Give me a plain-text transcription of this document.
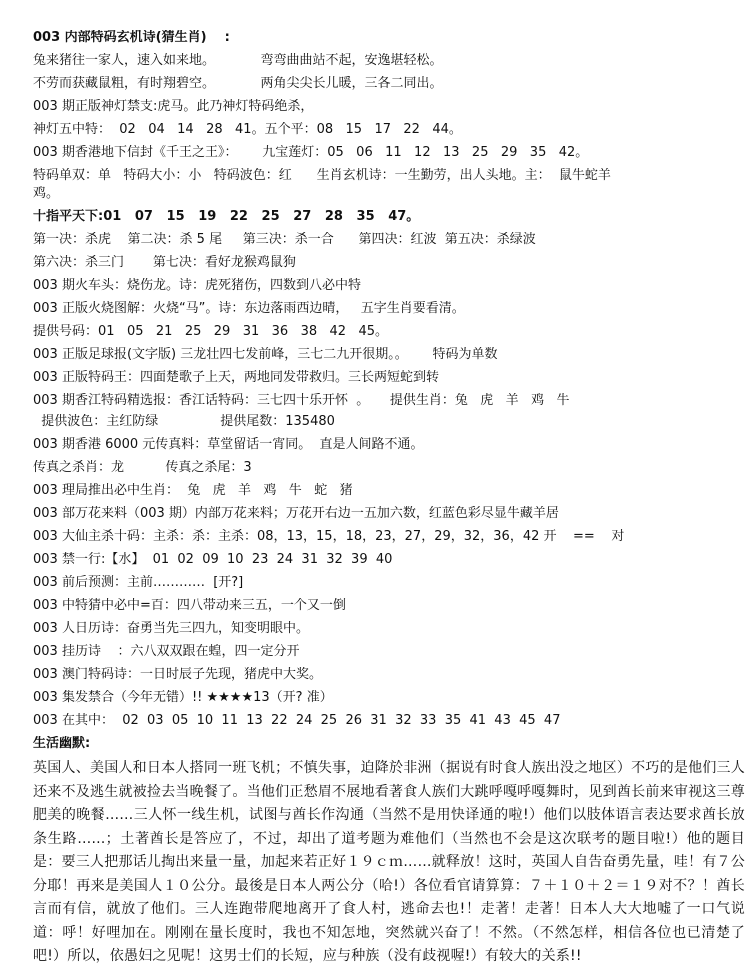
003 内部特码玄机诗(猜生肖)    :
兔来猪往一家人，速入如来地。           弯弯曲曲站不起，安逸堪轻松。
不劳而获藏鼠粗，有时翔碧空。           两角尖尖长儿暖，三各二同出。
003 期正版神灯禁支:虎马。此乃神灯特码绝杀，
神灯五中特：  02   04   14   28   41。五个平：08   15   17   22   44。
003 期香港地下信封《千王之王》：      九宝莲灯：05   06   11   12   13   25   29   35   42。
特码单双：单   特码大小：小   特码波色：红      生肖玄机诗：一生勤劳，出人头地。主：  鼠牛蛇羊
鸡。
十指平天下:01   07   15   19   22   25   27   28   35   47。
第一决：杀虎    第二决：杀 5 尾     第三决：杀一合      第四决：红波  第五决：杀绿波
第六决：杀三门       第七决：看好龙猴鸡鼠狗
003 期火车头：烧伤龙。诗：虎死猪伤，四数到八必中特
003 正版火烧图解：火烧“马”。诗：东边落雨西边晴，   五字生肖要看清。
提供号码：01   05   21   25   29   31   36   38   42   45。
003 正版足球报(文字版) 三龙壮四七发前峰，三七二九开很期。。      特码为单数
003 正版特码王：四面楚歌子上天，两地同发带救归。三长两短蛇到转
003 期香江特码精选报：香江话特码：三七四十乐开怀  。     提供生肖：兔   虎   羊   鸡   牛
提供波色：主红防绿               提供尾数：135480
003 期香港 6000 元传真料：草堂留话一宵同。  直是人间路不通。
传真之杀肖：龙          传真之杀尾：3
003 理局推出必中生肖：  兔   虎   羊   鸡   牛   蛇   猪
003 部万花来料（003 期）内部万花来料；万花开右边一五加六数，红蓝色彩尽显牛藏羊居
003 大仙主杀十码：主杀：杀：主杀：08，13，15，18，23，27，29，32，36，42 开    ==    对
003 禁一行:【水】  01  02  09  10  23  24  31  32  39  40
003 前后预测：主前…………  [开?]
003 中特猜中必中=百：四八带动来三五，一个又一倒
003 人日历诗：奋勇当先三四九，知变明眼中。
003 挂历诗    ：六八双双跟在蝗，四一定分开
003 澳门特码诗：一日时辰子先现，猪虎中大奖。
003 集发禁合（今年无错）!! ★★★★13（开? 准）
003 在其中：  02  03  05  10  11  13  22  24  25  26  31  32  33  35  41  43  45  47
生活幽默:
英国人、美国人和日本人搭同一班飞机；不慎失事，迫降於非洲（据说有时食人族出没之地区）不巧的是他们三人还来不及逃生就被捡去当晚餐了。当他们正愁眉不展地看著食人族们大跳呼嘎呼嘎舞时，见到酋长前来审视这三尊肥美的晚餐……三人怀一线生机，试图与酋长作沟通（当然不是用快译通的啦!）他们以肢体语言表达要求酋长放条生路……；土著酋长是答应了，不过，却出了道考题为难他们（当然也不会是这次联考的题目啦!）他的题目是：要三人把那话儿掏出来量一量，加起来若正好１９ｃｍ……就释放！这时，英国人自告奋勇先量，哇！有７公分耶！再来是美国人１０公分。最後是日本人两公分（哈!）各位看官请算算：７＋１０＋２＝１９对不？！酋长言而有信，就放了他们。三人连跑带爬地离开了食人村，逃命去也!！走著！走著！日本人大大地嘘了一口气说道：呼！好哩加在。刚刚在量长度时，我也不知怎地，突然就兴奋了！不然。（不然怎样，相信各位也已清楚了吧!）所以，依愚妇之见呢！这男士们的长短，应与种族（没有歧视喔!）有较大的关系!!
